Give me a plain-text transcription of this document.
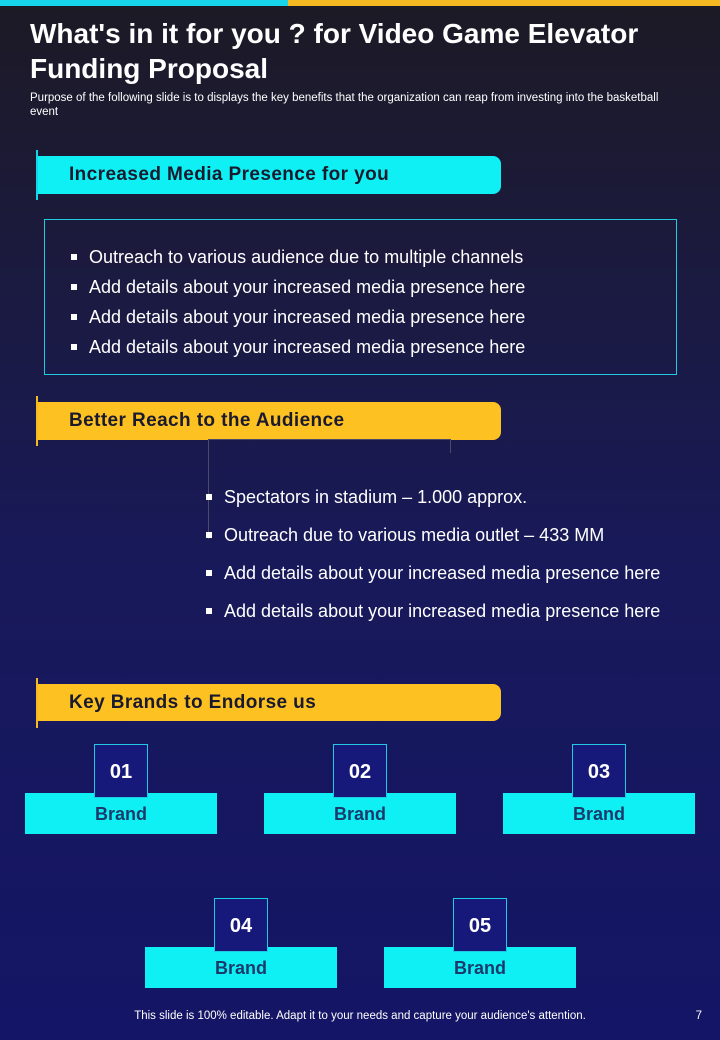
What's in it for you ? for Video Game Elevator Funding Proposal

Purpose of the following slide is to displays the key benefits that the organization can reap from investing into the basketball event

Increased Media Presence for you
Outreach to various audience due to multiple channels
Add details about your increased media presence here
Add details about your increased media presence here
Add details about your increased media presence here
Better Reach to the Audience
Spectators in stadium – 1.000 approx.
Outreach due to various media outlet – 433 MM
Add details about your increased media presence here
Add details about your increased media presence here
Key Brands to Endorse us
01
Brand
02
Brand
03
Brand
04
Brand
05
Brand
This slide is 100% editable. Adapt it to your needs and capture your audience's attention.	7
